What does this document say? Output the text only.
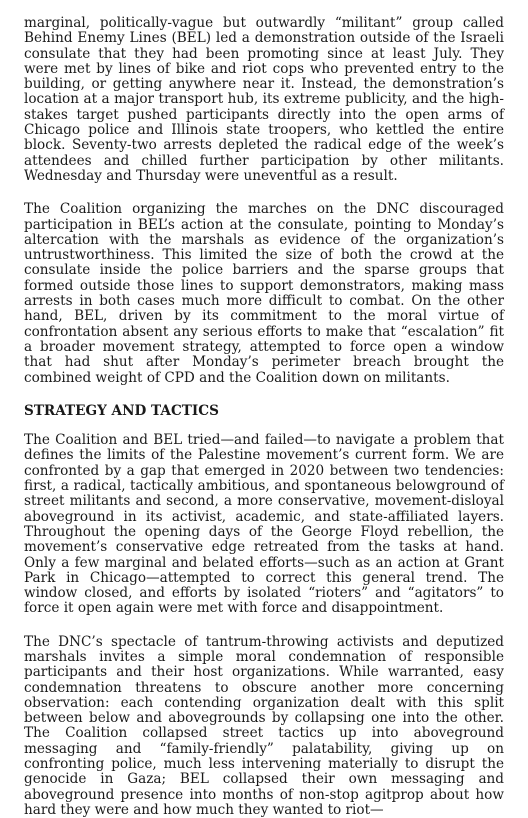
marginal, politically-vague but outwardly “militant” group called Behind Enemy Lines (BEL) led a demonstration outside of the Israeli consulate that they had been promoting since at least July. They were met by lines of bike and riot cops who prevented entry to the building, or getting anywhere near it. Instead, the demonstration’s location at a major transport hub, its extreme publicity, and the high-stakes target pushed participants directly into the open arms of Chicago police and Illinois state troopers, who kettled the entire block. Seventy-two arrests depleted the radical edge of the week’s attendees and chilled further participation by other militants. Wednesday and Thursday were uneventful as a result.

The Coalition organizing the marches on the DNC discouraged participation in BEL’s action at the consulate, pointing to Monday’s altercation with the marshals as evidence of the organization’s untrustworthiness. This limited the size of both the crowd at the consulate inside the police barriers and the sparse groups that formed outside those lines to support demonstrators, making mass arrests in both cases much more difficult to combat. On the other hand, BEL, driven by its commitment to the moral virtue of confrontation absent any serious efforts to make that “escalation” fit a broader movement strategy, attempted to force open a window that had shut after Monday’s perimeter breach brought the combined weight of CPD and the Coalition down on militants.

STRATEGY AND TACTICS

The Coalition and BEL tried—and failed—to navigate a problem that defines the limits of the Palestine movement’s current form. We are confronted by a gap that emerged in 2020 between two tendencies: first, a radical, tactically ambitious, and spontaneous belowground of street militants and second, a more conservative, movement-disloyal aboveground in its activist, academic, and state-affiliated layers. Throughout the opening days of the George Floyd rebellion, the movement’s conservative edge retreated from the tasks at hand. Only a few marginal and belated efforts—such as an action at Grant Park in Chicago—attempted to correct this general trend. The window closed, and efforts by isolated “rioters” and “agitators” to force it open again were met with force and disappointment.

The DNC’s spectacle of tantrum-throwing activists and deputized marshals invites a simple moral condemnation of responsible participants and their host organizations. While warranted, easy condemnation threatens to obscure another more concerning observation: each contending organization dealt with this split between below and abovegrounds by collapsing one into the other. The Coalition collapsed street tactics up into aboveground messaging and “family-friendly” palatability, giving up on confronting police, much less intervening materially to disrupt the genocide in Gaza; BEL collapsed their own messaging and aboveground presence into months of non-stop agitprop about how hard they were and how much they wanted to riot—
